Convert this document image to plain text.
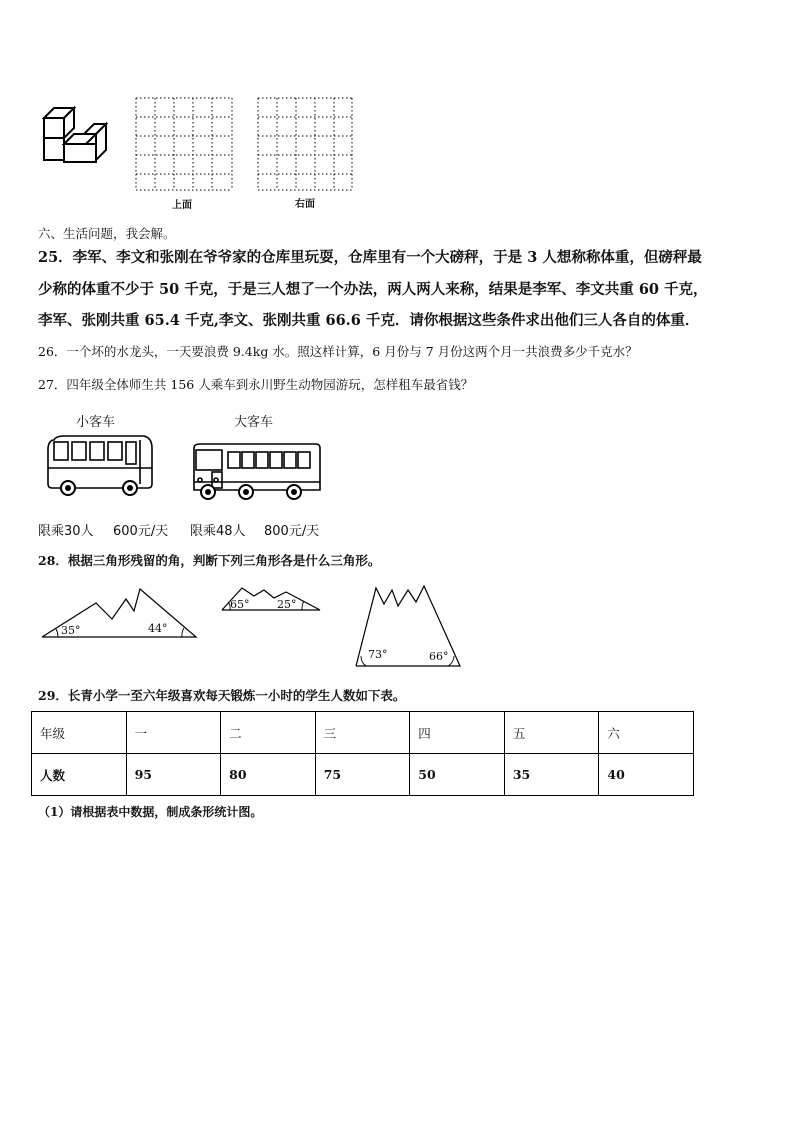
上面	右面
六、生活问题，我会解。
25．李军、李文和张刚在爷爷家的仓库里玩耍，仓库里有一个大磅秤，于是 3 人想称称体重，但磅秤最
少称的体重不少于 50 千克，于是三人想了一个办法，两人两人来称，结果是李军、李文共重 60 千克，
李军、张刚共重 65.4 千克,李文、张刚共重 66.6 千克．请你根据这些条件求出他们三人各自的体重．
26．一个坏的水龙头，一天要浪费 9.4kg 水。照这样计算，6 月份与 7 月份这两个月一共浪费多少千克水？
27．四年级全体师生共 156 人乘车到永川野生动物园游玩，怎样租车最省钱？
小客车	大客车
限乘30人 600元/天 限乘48人 800元/天
28．根据三角形残留的角，判断下列三角形各是什么三角形。
35°	44°
65°	25°
73°	66°
29．长青小学一至六年级喜欢每天锻炼一小时的学生人数如下表。
年级	一	二	三	四	五	六
人数	95	80	75	50	35	40
（1）请根据表中数据，制成条形统计图。
